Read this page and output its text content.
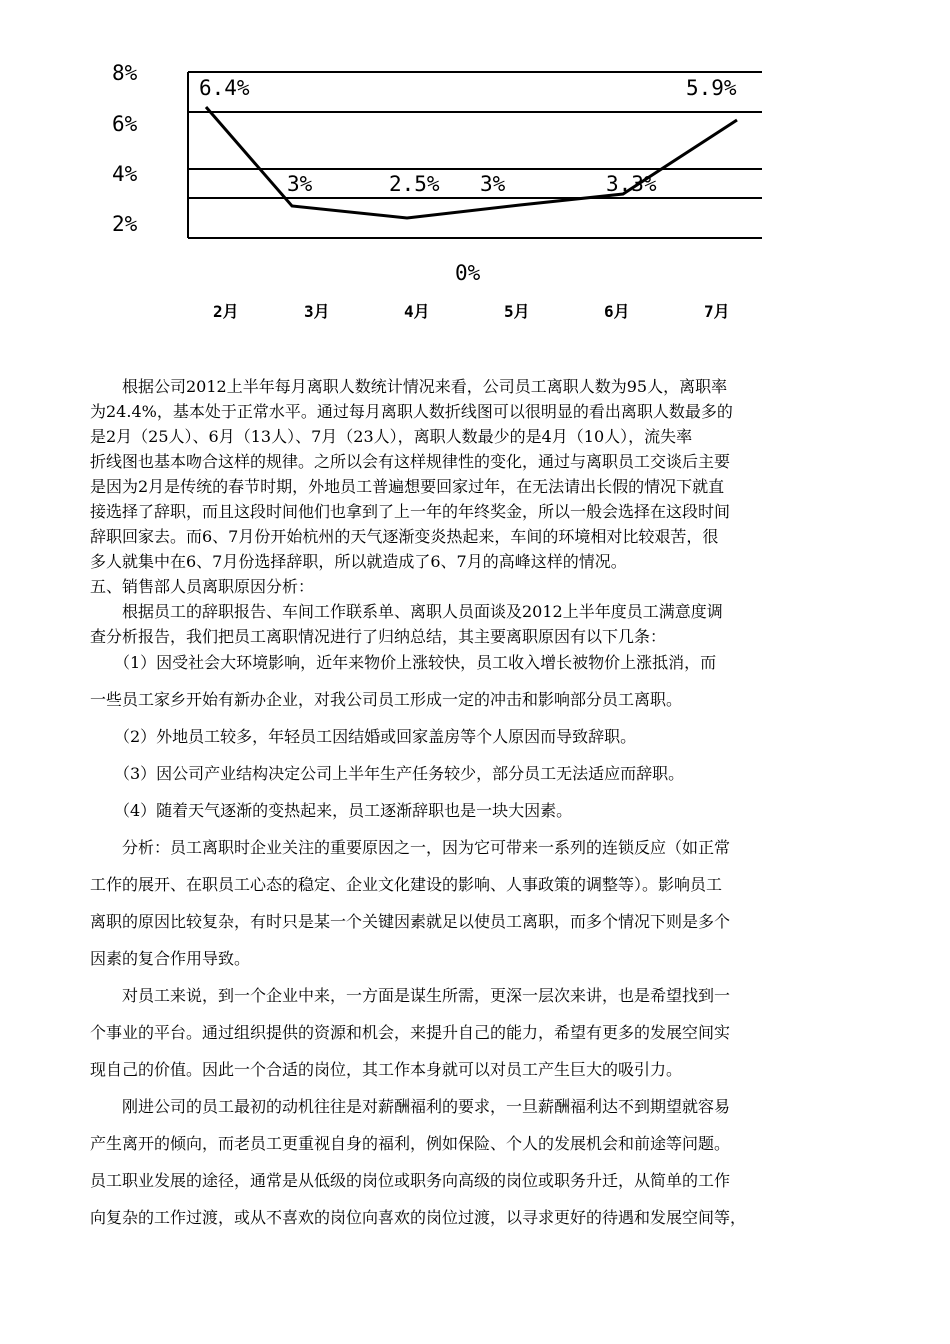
8%
6%
4%
2%
6.4%
3%	2.5% 3%	3.3%
5.9%
0%
2月	3月	4月	5月	6月	7月

　　根据公司2012上半年每月离职人数统计情况来看，公司员工离职人数为95人，离职率
为24.4%，基本处于正常水平。通过每月离职人数折线图可以很明显的看出离职人数最多的
是2月（25人）、6月（13人）、7月（23人），离职人数最少的是4月（10人），流失率
折线图也基本吻合这样的规律。之所以会有这样规律性的变化，通过与离职员工交谈后主要
是因为2月是传统的春节时期，外地员工普遍想要回家过年，在无法请出长假的情况下就直
接选择了辞职，而且这段时间他们也拿到了上一年的年终奖金，所以一般会选择在这段时间
辞职回家去。而6、7月份开始杭州的天气逐渐变炎热起来，车间的环境相对比较艰苦，很
多人就集中在6、7月份选择辞职，所以就造成了6、7月的高峰这样的情况。

五、销售部人员离职原因分析：

　　根据员工的辞职报告、车间工作联系单、离职人员面谈及2012上半年度员工满意度调
查分析报告，我们把员工离职情况进行了归纳总结，其主要离职原因有以下几条：

　　（1）因受社会大环境影响，近年来物价上涨较快，员工收入增长被物价上涨抵消，而
一些员工家乡开始有新办企业，对我公司员工形成一定的冲击和影响部分员工离职。

　　（2）外地员工较多，年轻员工因结婚或回家盖房等个人原因而导致辞职。

　　（3）因公司产业结构决定公司上半年生产任务较少，部分员工无法适应而辞职。

　　（4）随着天气逐渐的变热起来，员工逐渐辞职也是一块大因素。

　　分析：员工离职时企业关注的重要原因之一，因为它可带来一系列的连锁反应（如正常
工作的展开、在职员工心态的稳定、企业文化建设的影响、人事政策的调整等）。影响员工
离职的原因比较复杂，有时只是某一个关键因素就足以使员工离职，而多个情况下则是多个
因素的复合作用导致。

　　对员工来说，到一个企业中来，一方面是谋生所需，更深一层次来讲，也是希望找到一
个事业的平台。通过组织提供的资源和机会，来提升自己的能力，希望有更多的发展空间实
现自己的价值。因此一个合适的岗位，其工作本身就可以对员工产生巨大的吸引力。

　　刚进公司的员工最初的动机往往是对薪酬福利的要求，一旦薪酬福利达不到期望就容易
产生离开的倾向，而老员工更重视自身的福利，例如保险、个人的发展机会和前途等问题。
员工职业发展的途径，通常是从低级的岗位或职务向高级的岗位或职务升迁，从简单的工作
向复杂的工作过渡，或从不喜欢的岗位向喜欢的岗位过渡，以寻求更好的待遇和发展空间等，
